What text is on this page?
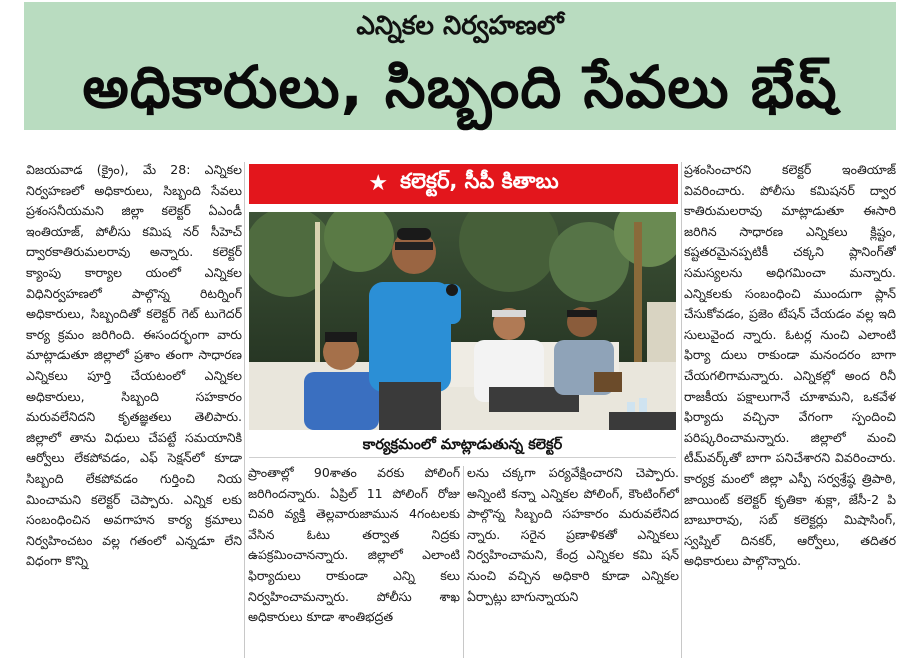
ఎన్నికల నిర్వహణలో
అధికారులు, సిబ్బంది సేవలు భేష్
విజయవాడ (క్రైం), మే 28: ఎన్నికల నిర్వహణలో అధికారులు, సిబ్బంది సేవలు ప్రశంసనీయమని జిల్లా కలెక్టర్ ఏఎండీ ఇంతియాజ్, పోలీసు కమిష నర్ సీహెచ్ ద్వారకాతిరుమలరావు అన్నారు. కలెక్టర్ క్యాంపు కార్యాల యంలో ఎన్నికల విధినిర్వహణలో పాల్గొన్న రిటర్నింగ్ అధికారులు, సిబ్బందితో కలెక్టర్ గెట్ టుగెదర్ కార్య క్రమం జరిగింది. ఈసందర్భంగా వారు మాట్లాడుతూ జిల్లాలో ప్రశాం తంగా సాధారణ ఎన్నికలు పూర్తి చేయటంలో ఎన్నికల అధికారులు, సిబ్బంది సహకారం మరువలేనిదని కృతజ్ఞతలు తెలిపారు. జిల్లాలో తాను విధులు చేపట్టే సమయానికి ఆర్వోలు లేకపోవడం, ఎఫ్ సెక్షన్‌లో కూడా సిబ్బంది లేకపోవడం గుర్తించి నియ మించామని కలెక్టర్ చెప్పారు. ఎన్నిక లకు సంబంధించిన అవగాహన కార్య క్రమాలు నిర్వహించటం వల్ల గతంలో ఎన్నడూ లేని విధంగా కొన్ని
★ కలెక్టర్, సీపీ కితాబు
కార్యక్రమంలో మాట్లాడుతున్న కలెక్టర్
ప్రాంతాల్లో 90శాతం వరకు పోలింగ్ జరిగిందన్నారు. ఏప్రిల్ 11 పోలింగ్ రోజు చివరి వ్యక్తి తెల్లవారుజామున 4గంటలకు వేసిన ఓటు తర్వాత నిద్రకు ఉపక్రమించానన్నారు. జిల్లాలో ఎలాంటి ఫిర్యాదులు రాకుండా ఎన్ని కలు నిర్వహించామన్నారు. పోలీసు శాఖ అధికారులు కూడా శాంతిభద్రత
లను చక్కగా పర్యవేక్షించారని చెప్పారు. అన్నింటి కన్నా ఎన్నికల పోలింగ్, కౌంటింగ్‌లో పాల్గొన్న సిబ్బంది సహకారం మరువలేనిద న్నారు. సరైన ప్రణాళికతో ఎన్నికలు నిర్వహించామని, కేంద్ర ఎన్నికల కమి షన్ నుంచి వచ్చిన అధికారి కూడా ఎన్నికల ఏర్పాట్లు బాగున్నాయని
ప్రశంసించారని కలెక్టర్ ఇంతియాజ్ వివరించారు. పోలీసు కమిషనర్ ద్వార కాతిరుమలరావు మాట్లాడుతూ ఈసారి జరిగిన సాధారణ ఎన్నికలు క్లిష్టం, కష్టతరమైనప్పటికీ చక్కని ప్లానింగ్‌తో సమస్యలను అధిగమించా మన్నారు. ఎన్నికలకు సంబంధించి ముందుగా ప్లాన్ చేసుకోవడం, ప్రజెం టేషన్ చేయడం వల్ల ఇది సులువైంద న్నారు. ఓటర్ల నుంచి ఎలాంటి ఫిర్యా దులు రాకుండా మనందరం బాగా చేయగలిగామన్నారు. ఎన్నికల్లో అంద రినీ రాజకీయ పక్షాలుగానే చూశామని, ఒకవేళ ఫిర్యాదు వచ్చినా వేగంగా స్పందించి పరిష్కరించామన్నారు. జిల్లాలో మంచి టీమ్‌వర్క్‌తో బాగా పనిచేశారని వివరించారు. కార్యక్ర మంలో జిల్లా ఎస్పీ సర్వశ్రేష్ఠ త్రిపాఠి, జాయింట్ కలెక్టర్ కృతికా శుక్లా, జేసీ-2 పి బాబూరావు, సబ్ కలెక్టర్లు మిషాసింగ్, స్వప్నిల్ దినకర్, ఆర్వోలు, తదితర అధికారులు పాల్గొన్నారు.
